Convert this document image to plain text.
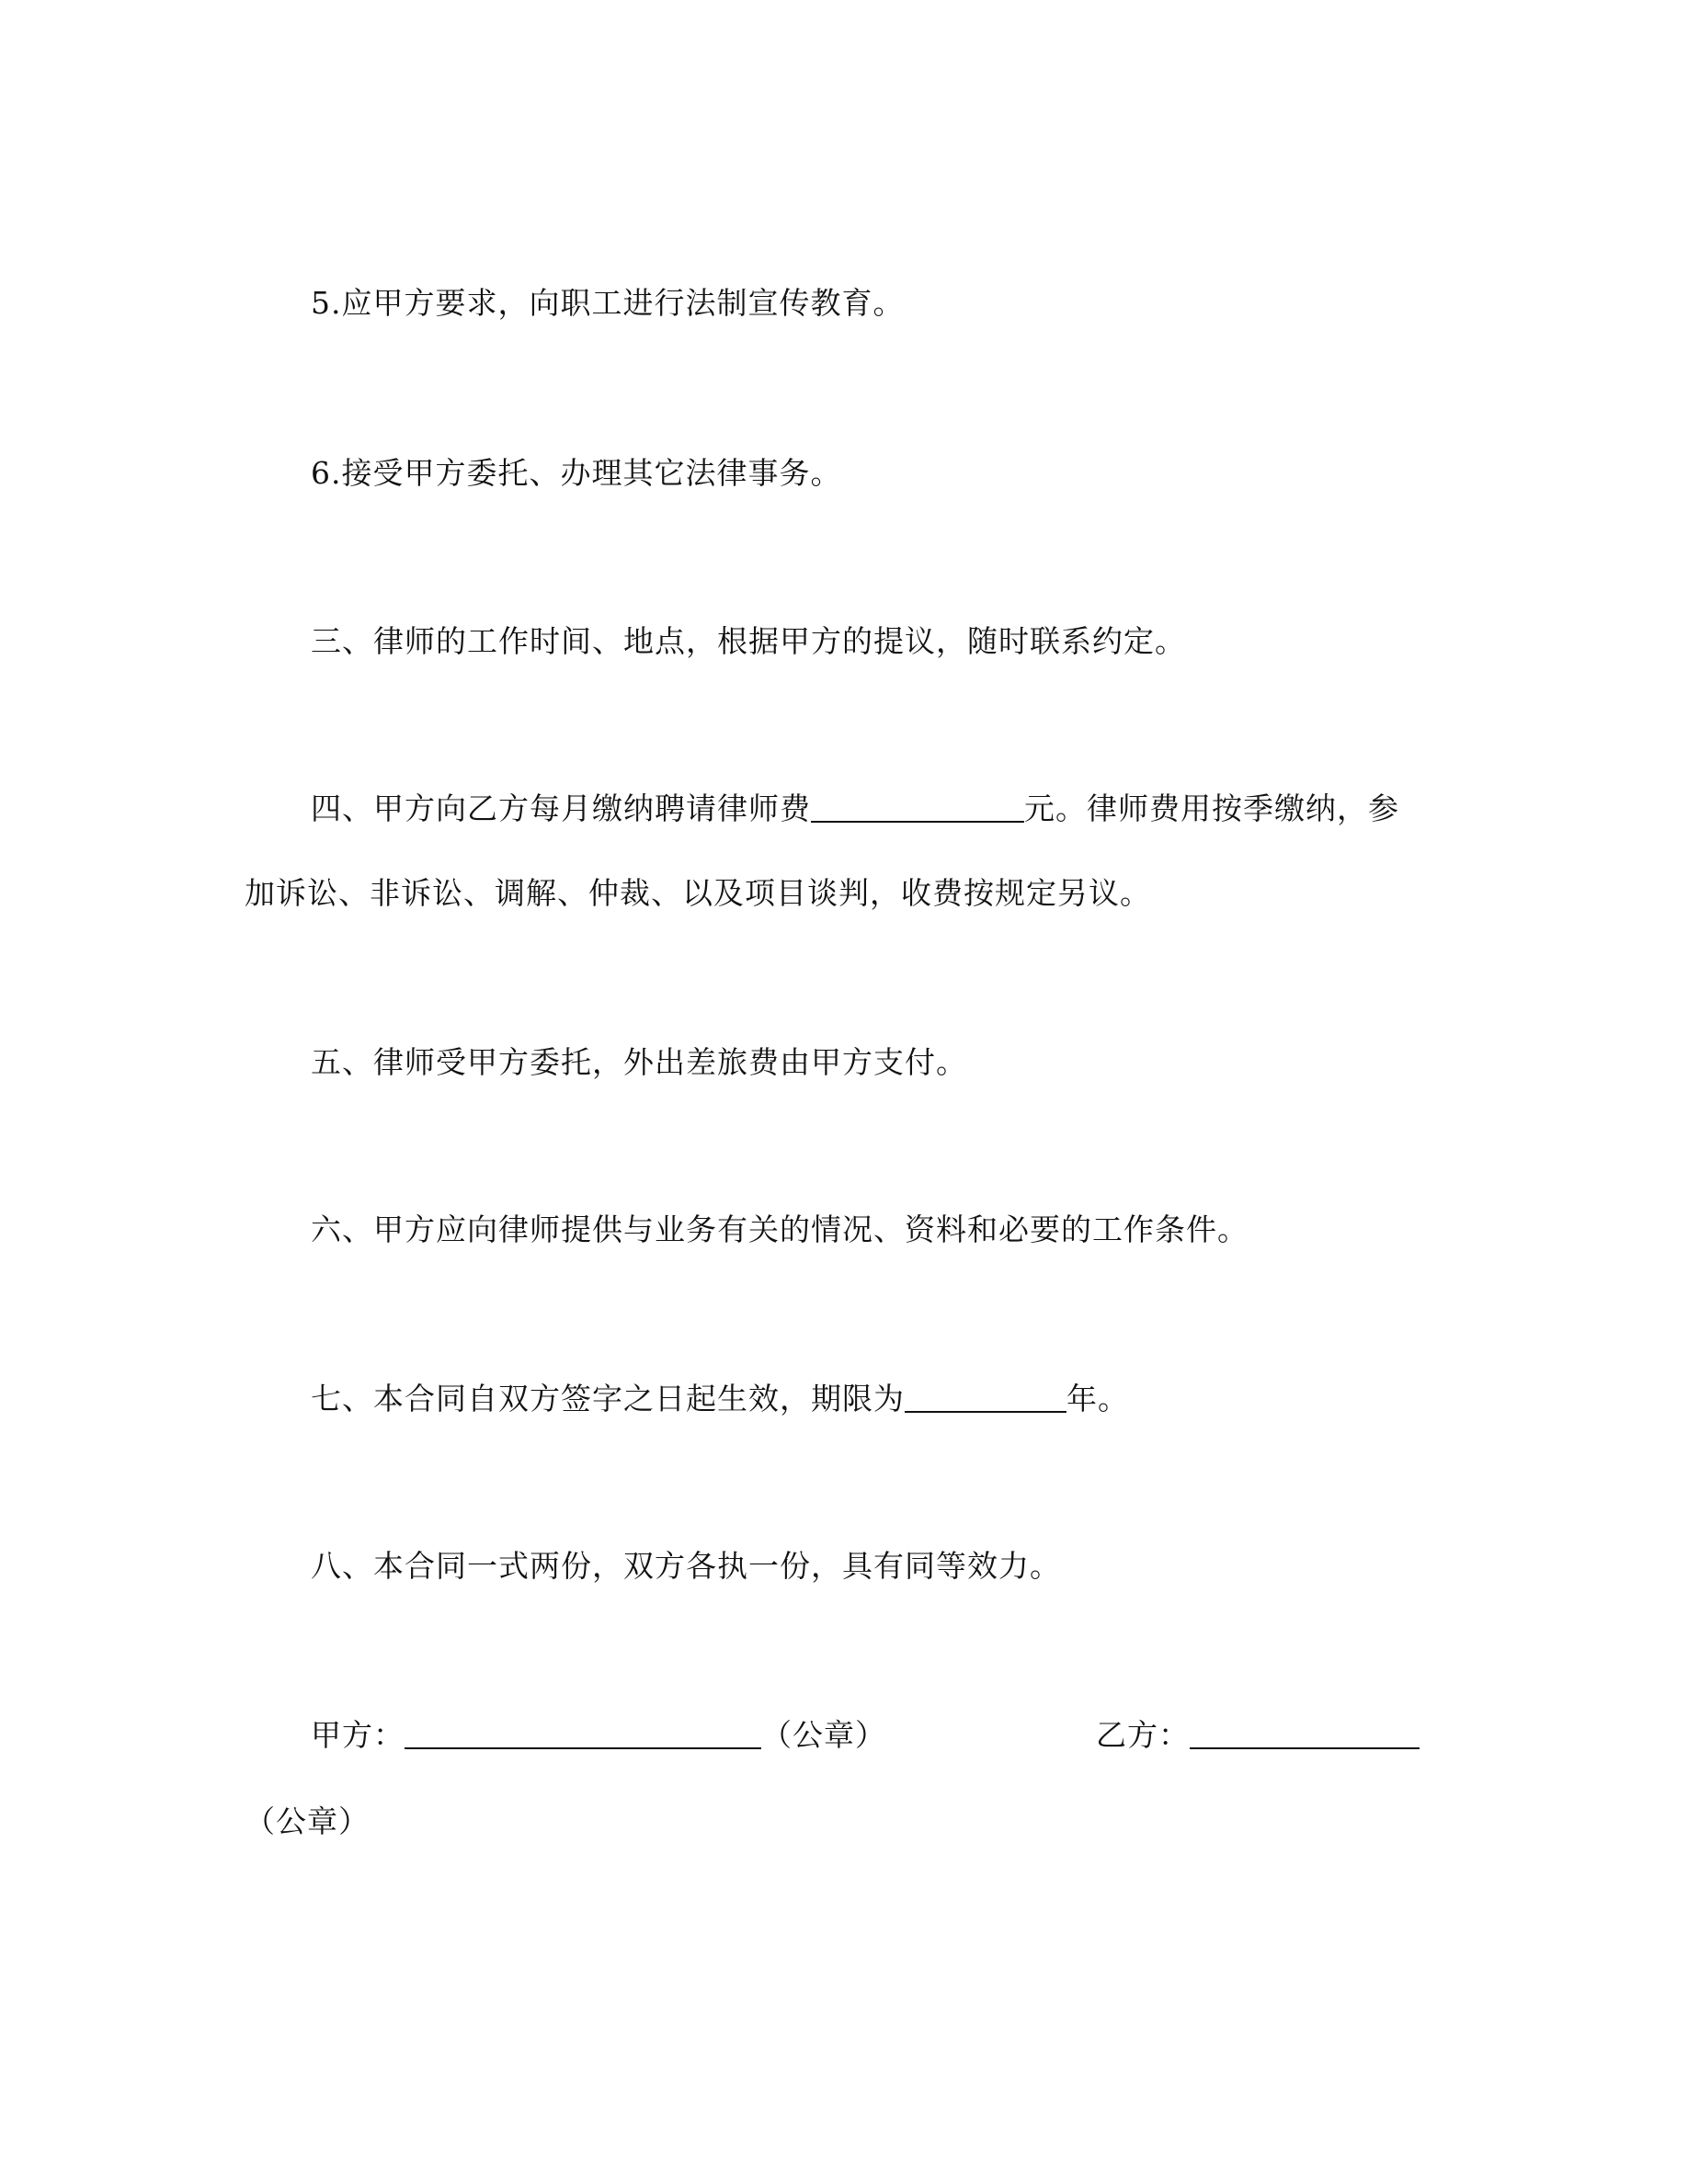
5.应甲方要求，向职工进行法制宣传教育。
6.接受甲方委托、办理其它法律事务。
三、律师的工作时间、地点，根据甲方的提议，随时联系约定。
四、甲方向乙方每月缴纳聘请律师费	元。律师费用按季缴纳，参
加诉讼、非诉讼、调解、仲裁、以及项目谈判，收费按规定另议。
五、律师受甲方委托，外出差旅费由甲方支付。
六、甲方应向律师提供与业务有关的情况、资料和必要的工作条件。
七、本合同自双方签字之日起生效，期限为	年。
八、本合同一式两份，双方各执一份，具有同等效力。
甲方：	（公章）	乙方：
（公章）
